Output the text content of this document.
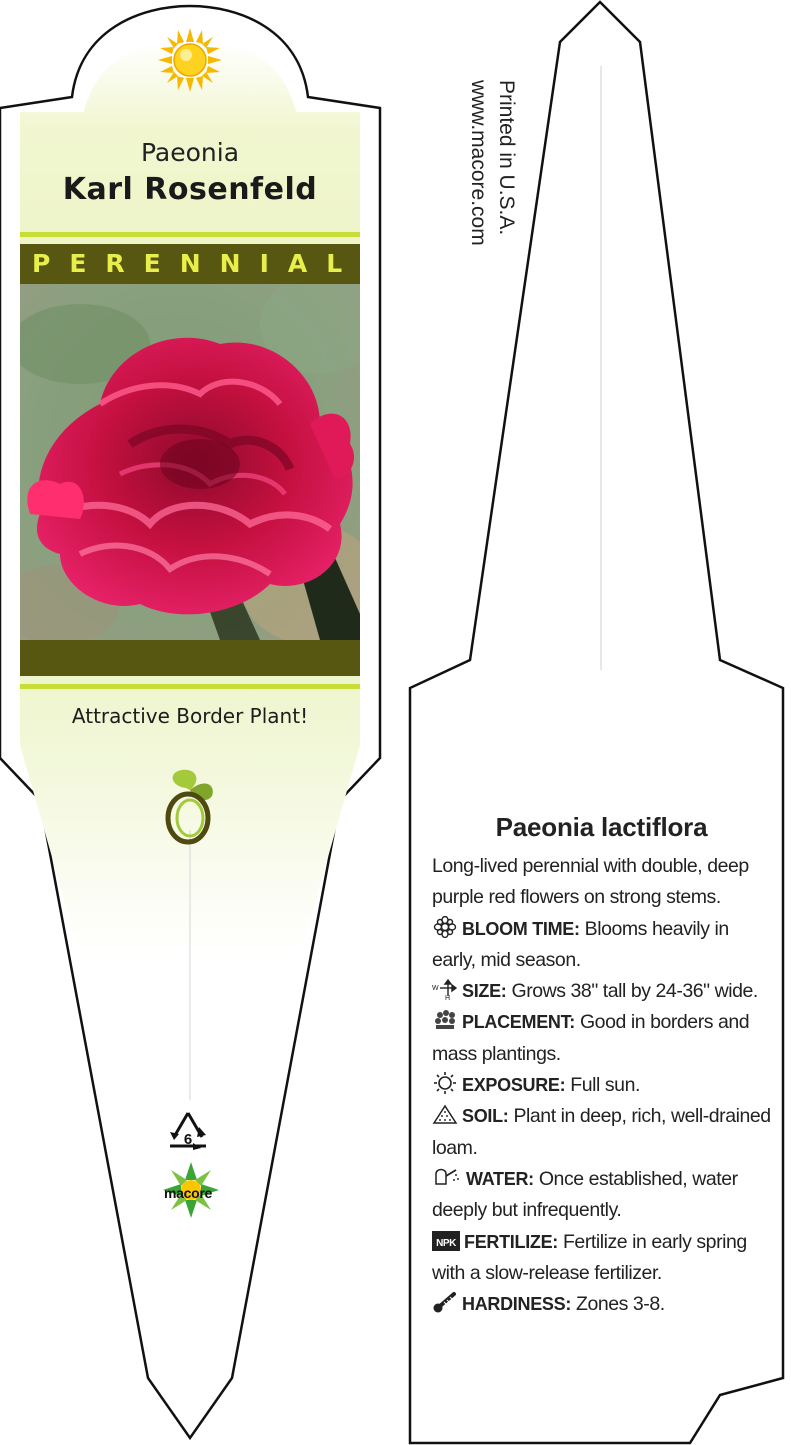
Paeonia
Karl Rosenfeld
PERENNIAL
Attractive Border Plant!
6
macore
Printed in U.S.A.
www.macore.com
Paeonia lactiflora

Long-lived perennial with double, deep purple red flowers on strong stems.

BLOOM TIME: Blooms heavily in early, mid season.

W
H SIZE: Grows 38" tall by 24-36" wide.

PLACEMENT: Good in borders and mass plantings.

EXPOSURE: Full sun.

SOIL: Plant in deep, rich, well-drained loam.

WATER: Once established, water deeply but infrequently.

NPK FERTILIZE: Fertilize in early spring with a slow-release fertilizer.

HARDINESS: Zones 3-8.
